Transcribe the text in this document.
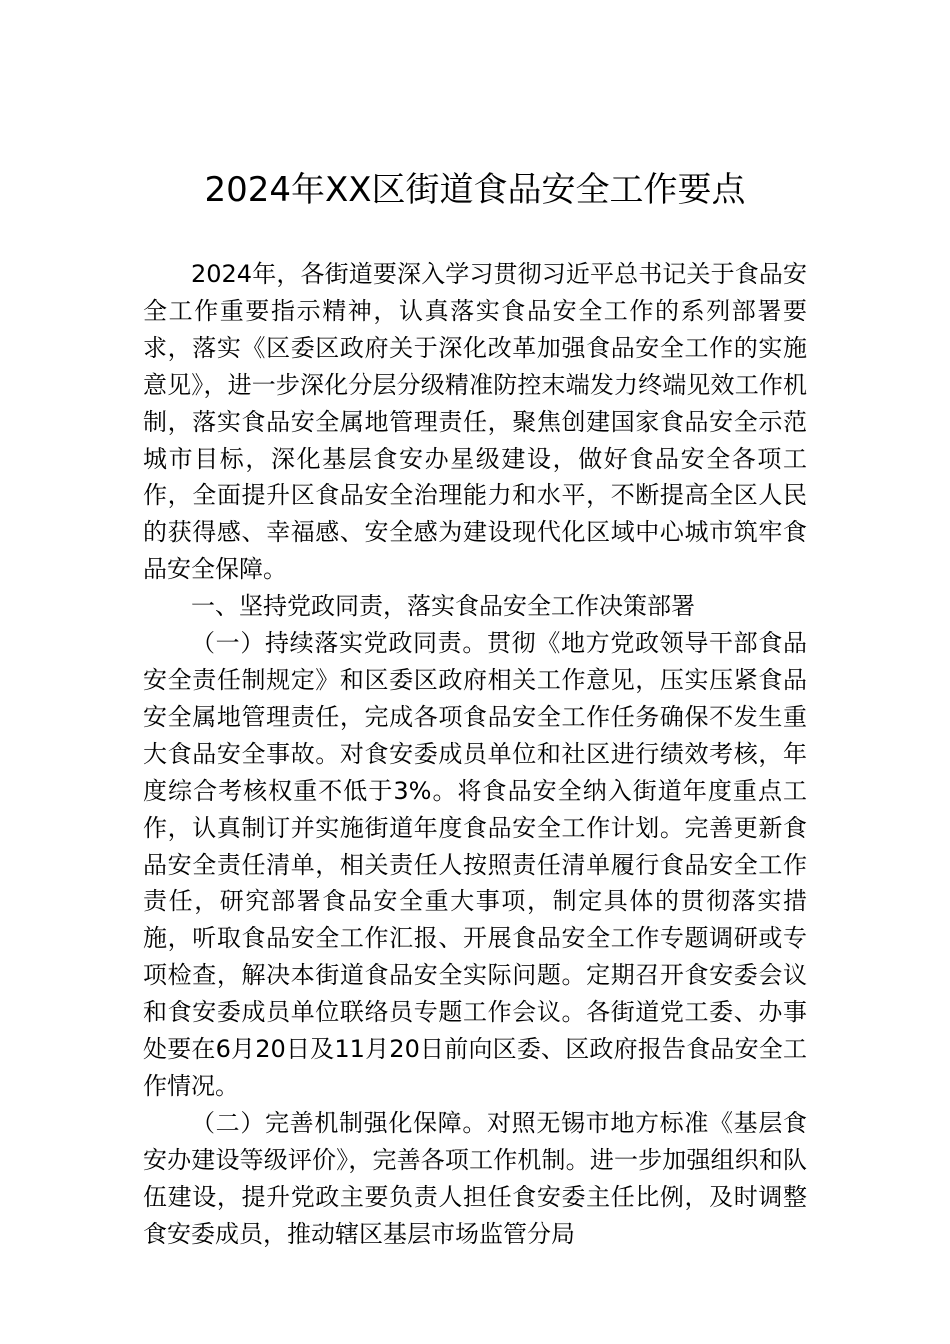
2024年XX区街道食品安全工作要点

2024年，各街道要深入学习贯彻习近平总书记关于食品安全工作重要指示精神，认真落实食品安全工作的系列部署要求，落实《区委区政府关于深化改革加强食品安全工作的实施意见》，进一步深化分层分级精准防控末端发力终端见效工作机制，落实食品安全属地管理责任，聚焦创建国家食品安全示范城市目标，深化基层食安办星级建设，做好食品安全各项工作，全面提升区食品安全治理能力和水平，不断提高全区人民的获得感、幸福感、安全感为建设现代化区域中心城市筑牢食品安全保障。

一、坚持党政同责，落实食品安全工作决策部署

（一）持续落实党政同责。贯彻《地方党政领导干部食品安全责任制规定》和区委区政府相关工作意见，压实压紧食品安全属地管理责任，完成各项食品安全工作任务确保不发生重大食品安全事故。对食安委成员单位和社区进行绩效考核，年度综合考核权重不低于3%。将食品安全纳入街道年度重点工作，认真制订并实施街道年度食品安全工作计划。完善更新食品安全责任清单，相关责任人按照责任清单履行食品安全工作责任，研究部署食品安全重大事项，制定具体的贯彻落实措施，听取食品安全工作汇报、开展食品安全工作专题调研或专项检查，解决本街道食品安全实际问题。定期召开食安委会议和食安委成员单位联络员专题工作会议。各街道党工委、办事处要在6月20日及11月20日前向区委、区政府报告食品安全工作情况。

（二）完善机制强化保障。对照无锡市地方标准《基层食安办建设等级评价》，完善各项工作机制。进一步加强组织和队伍建设，提升党政主要负责人担任食安委主任比例，及时调整食安委成员，推动辖区基层市场监管分局
